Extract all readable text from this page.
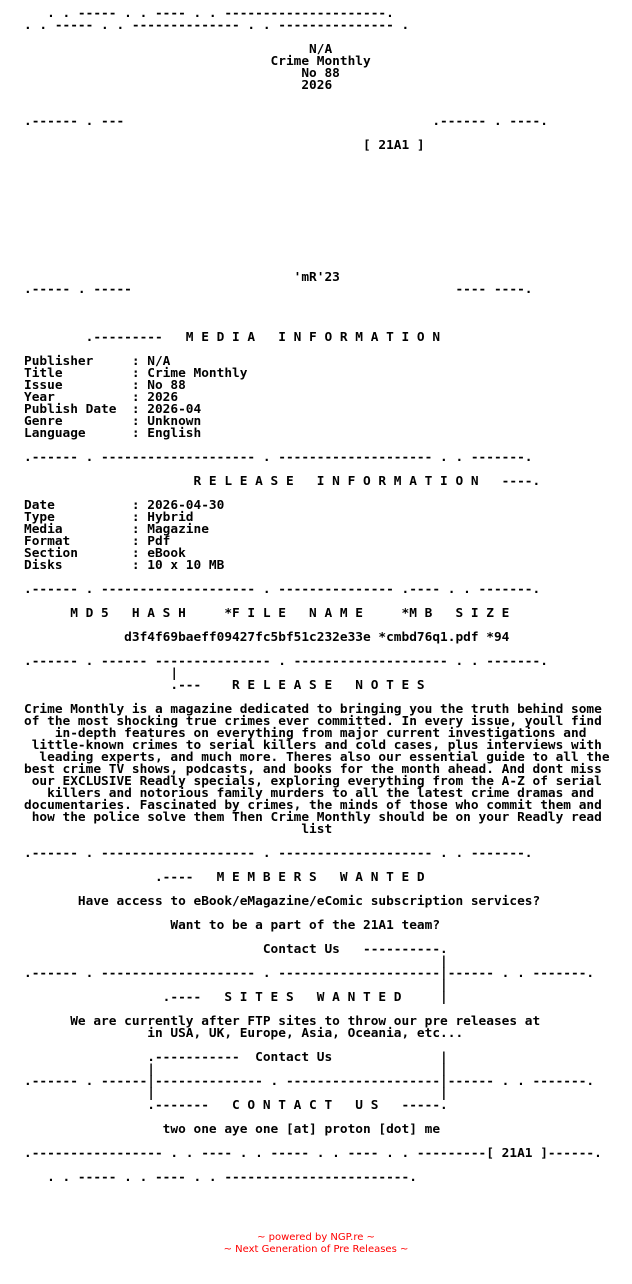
. . ----- . . ---- . . ---------------------.
. . ----- . . -------------- . . --------------- .

N/A
Crime Monthly
No 88
2026

.------ . ---                                        .------ . ----.

[ 21A1 ]

'mR'23
.----- . -----                                          ---- ----.

.---------   M E D I A   I N F O R M A T I O N

Publisher     : N/A
Title         : Crime Monthly
Issue         : No 88
Year          : 2026
Publish Date  : 2026-04
Genre         : Unknown
Language      : English

.------ . -------------------- . -------------------- . . -------.

R E L E A S E   I N F O R M A T I O N   ----.

Date          : 2026-04-30
Type          : Hybrid
Media         : Magazine
Format        : Pdf
Section       : eBook
Disks         : 10 x 10 MB

.------ . -------------------- . --------------- .---- . . -------.

M D 5   H A S H     *F I L E   N A M E     *M B   S I Z E

d3f4f69baeff09427fc5bf51c232e33e *cmbd76q1.pdf *94

.------ . ------ --------------- . -------------------- . . -------.
|
.---    R E L E A S E   N O T E S

Crime Monthly is a magazine dedicated to bringing you the truth behind some
of the most shocking true crimes ever committed. In every issue, youll find
in-depth features on everything from major current investigations and
little-known crimes to serial killers and cold cases, plus interviews with
leading experts, and much more. Theres also our essential guide to all the
best crime TV shows, podcasts, and books for the month ahead. And dont miss
our EXCLUSIVE Readly specials, exploring everything from the A-Z of serial
killers and notorious family murders to all the latest crime dramas and
documentaries. Fascinated by crimes, the minds of those who commit them and
how the police solve them Then Crime Monthly should be on your Readly read
list

.------ . -------------------- . -------------------- . . -------.

.----   M E M B E R S   W A N T E D

Have access to eBook/eMagazine/eComic subscription services?

Want to be a part of the 21A1 team?

Contact Us   ----------.
|
.------ . -------------------- . ---------------------|------ . . -------.
|
.----   S I T E S   W A N T E D     |

We are currently after FTP sites to throw our pre releases at
in USA, UK, Europe, Asia, Oceania, etc...

.-----------  Contact Us              |
|                                     |
.------ . ------|-------------- . --------------------|------ . . -------.
|                                     |
.-------   C O N T A C T   U S   -----.

two one aye one [at] proton [dot] me

.----------------- . . ---- . . ----- . . ---- . . ---------[ 21A1 ]------.

. . ----- . . ---- . . ------------------------.

~ powered by NGP.re ~
~ Next Generation of Pre Releases ~
